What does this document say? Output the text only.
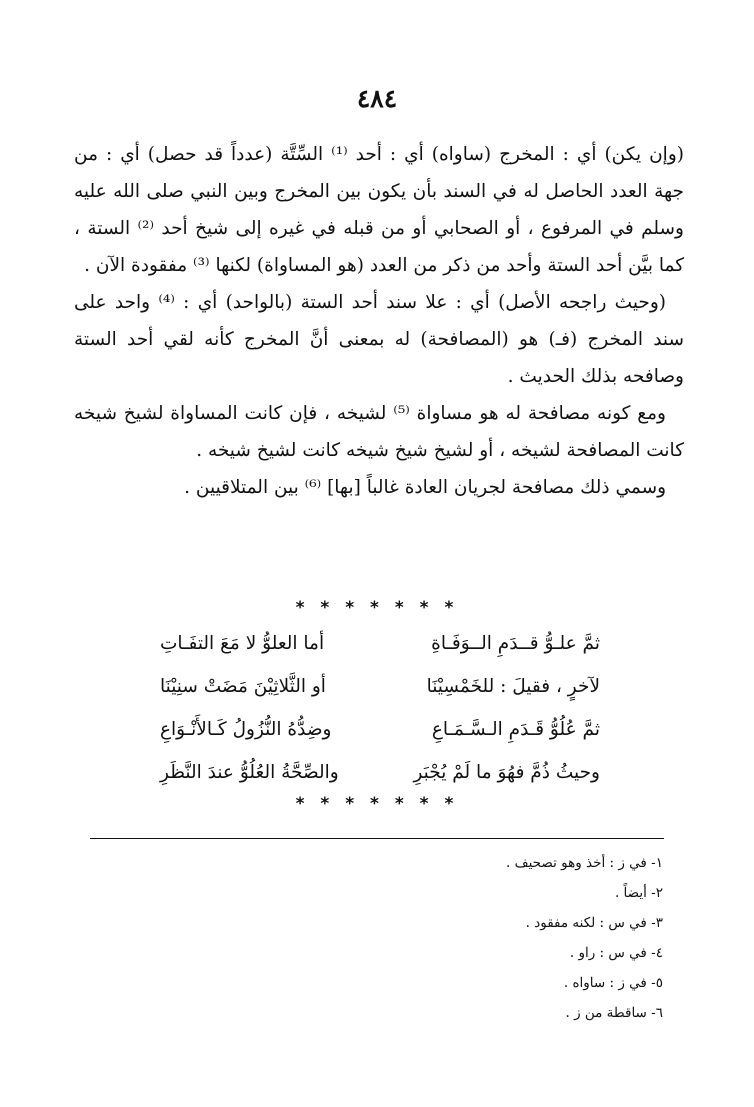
٤٨٤

(وإن يكن) أي : المخرج (ساواه) أي : أحد ⁽¹⁾ السِّتَّة (عدداً قد حصل) أي : من جهة العدد الحاصل له في السند بأن يكون بين المخرج وبين النبي صلى الله عليه وسلم في المرفوع ، أو الصحابي أو من قبله في غيره إلى شيخ أحد ⁽²⁾ الستة ، كما بيَّن أحد الستة وأحد من ذكر من العدد (هو المساواة) لكنها ⁽³⁾ مفقودة الآن .

(وحيث راجحه الأصل) أي : علا سند أحد الستة (بالواحد) أي : ⁽⁴⁾ واحد على سند المخرج (فـ) هو (المصافحة) له بمعنى أنَّ المخرج كأنه لقي أحد الستة وصافحه بذلك الحديث .

ومع كونه مصافحة له هو مساواة ⁽⁵⁾ لشيخه ، فإن كانت المساواة لشيخ شيخه كانت المصافحة لشيخه ، أو لشيخ شيخ شيخه كانت لشيخ شيخه .

وسمي ذلك مصافحة لجريان العادة غالباً [بها] ⁽⁶⁾ بين المتلاقيين .

* * * * * * *
ثمَّ علـوُّ قــدَمِ الــوَفَـاةِ
أما العلوُّ لا مَعَ التفَـاتِ
لآخرٍ ، فقيلَ : للخَمْسِيْنَا
أو الثَّلاثِيْنَ مَضَتْ سنِيْنَا
ثمَّ عُلُوُّ قَـدَمِ الـسَّـمَـاعِ
وضِدُّهُ النُّزُولُ كَـالأَنْـوَاعِ
وحيثُ ذُمَّ فهُوَ ما لَمْ يُجْبَرِ
والصِّحَّةُ العُلُوُّ عندَ النَّظَرِ
* * * * * * *
١- في ز : أخذ وهو تصحيف .
٢- أيضاً .
٣- في س : لكنه مفقود .
٤- في س : راو .
٥- في ز : ساواه .
٦- ساقطة من ز .
